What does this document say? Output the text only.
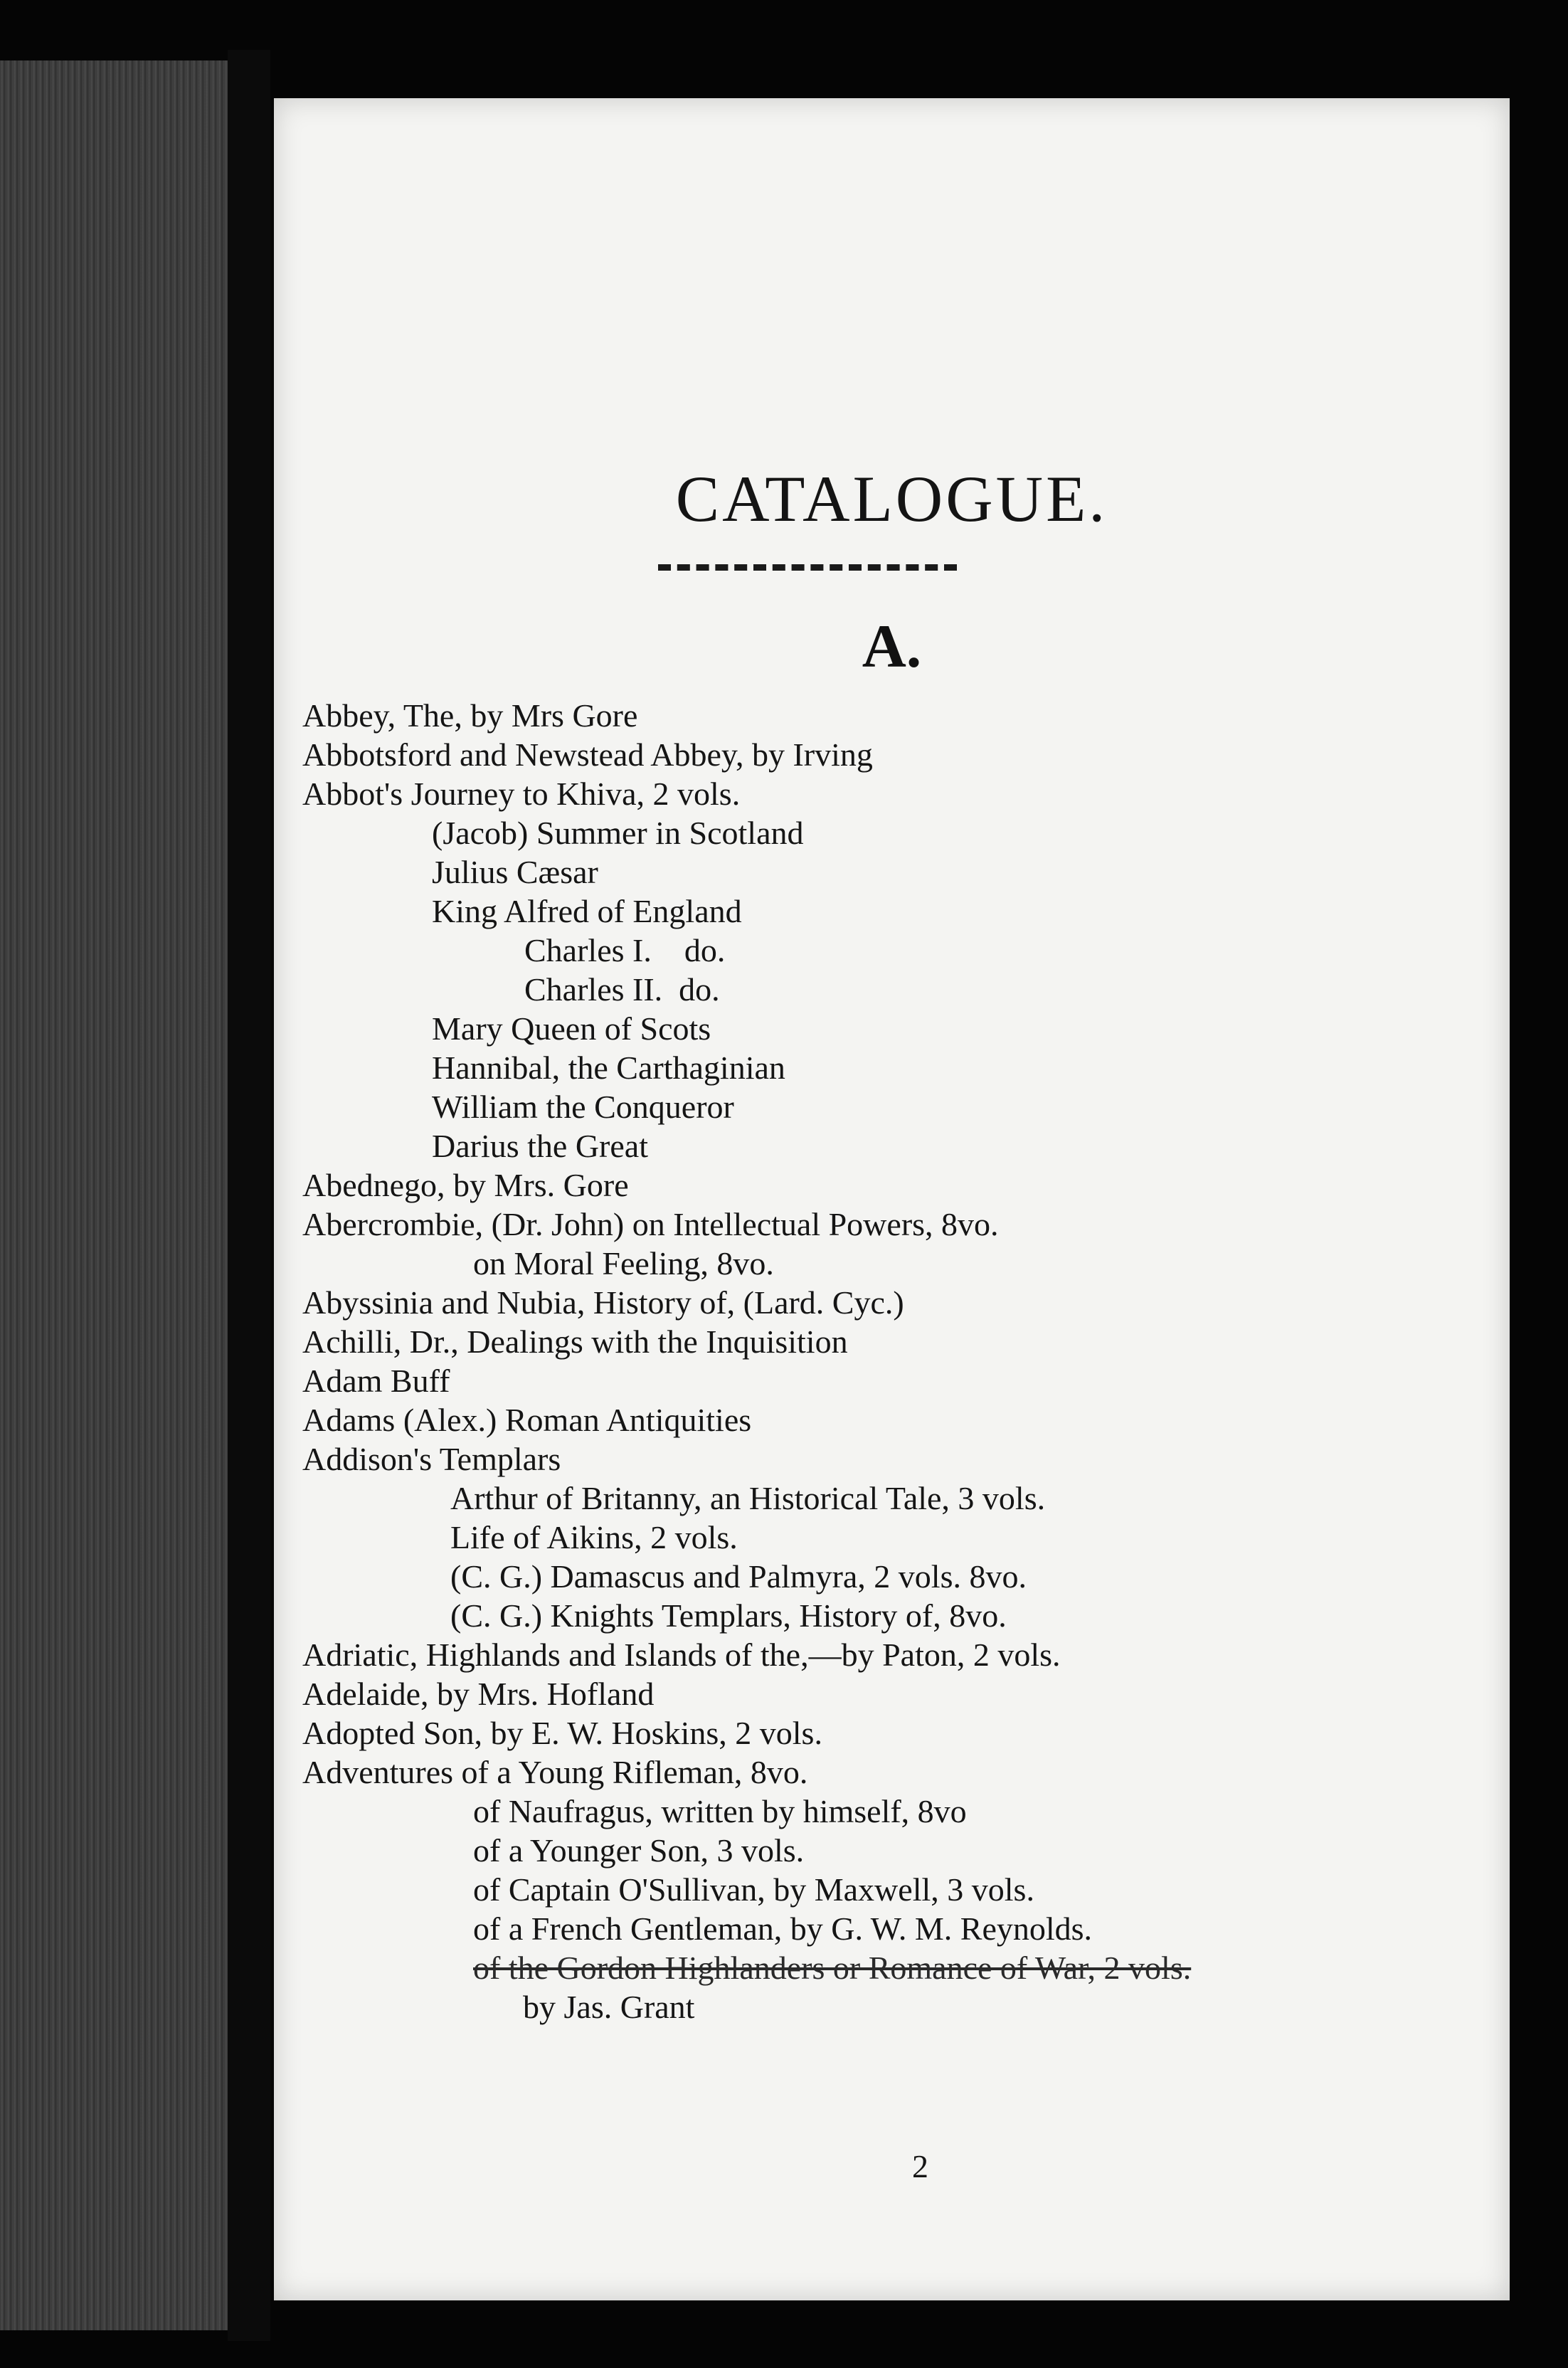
CATALOGUE.
A.
Abbey, The, by Mrs Gore
Abbotsford and Newstead Abbey, by Irving
Abbot's Journey to Khiva, 2 vols.
(Jacob) Summer in Scotland
Julius Cæsar
King Alfred of England
Charles I.    do.
Charles II.  do.
Mary Queen of Scots
Hannibal, the Carthaginian
William the Conqueror
Darius the Great
Abednego, by Mrs. Gore
Abercrombie, (Dr. John) on Intellectual Powers, 8vo.
on Moral Feeling, 8vo.
Abyssinia and Nubia, History of, (Lard. Cyc.)
Achilli, Dr., Dealings with the Inquisition
Adam Buff
Adams (Alex.) Roman Antiquities
Addison's Templars
Arthur of Britanny, an Historical Tale, 3 vols.
Life of Aikins, 2 vols.
(C. G.) Damascus and Palmyra, 2 vols. 8vo.
(C. G.) Knights Templars, History of, 8vo.
Adriatic, Highlands and Islands of the,—by Paton, 2 vols.
Adelaide, by Mrs. Hofland
Adopted Son, by E. W. Hoskins, 2 vols.
Adventures of a Young Rifleman, 8vo.
of Naufragus, written by himself, 8vo
of a Younger Son, 3 vols.
of Captain O'Sullivan, by Maxwell, 3 vols.
of a French Gentleman, by G. W. M. Reynolds.
of the Gordon Highlanders or Romance of War, 2 vols.
by Jas. Grant
2
